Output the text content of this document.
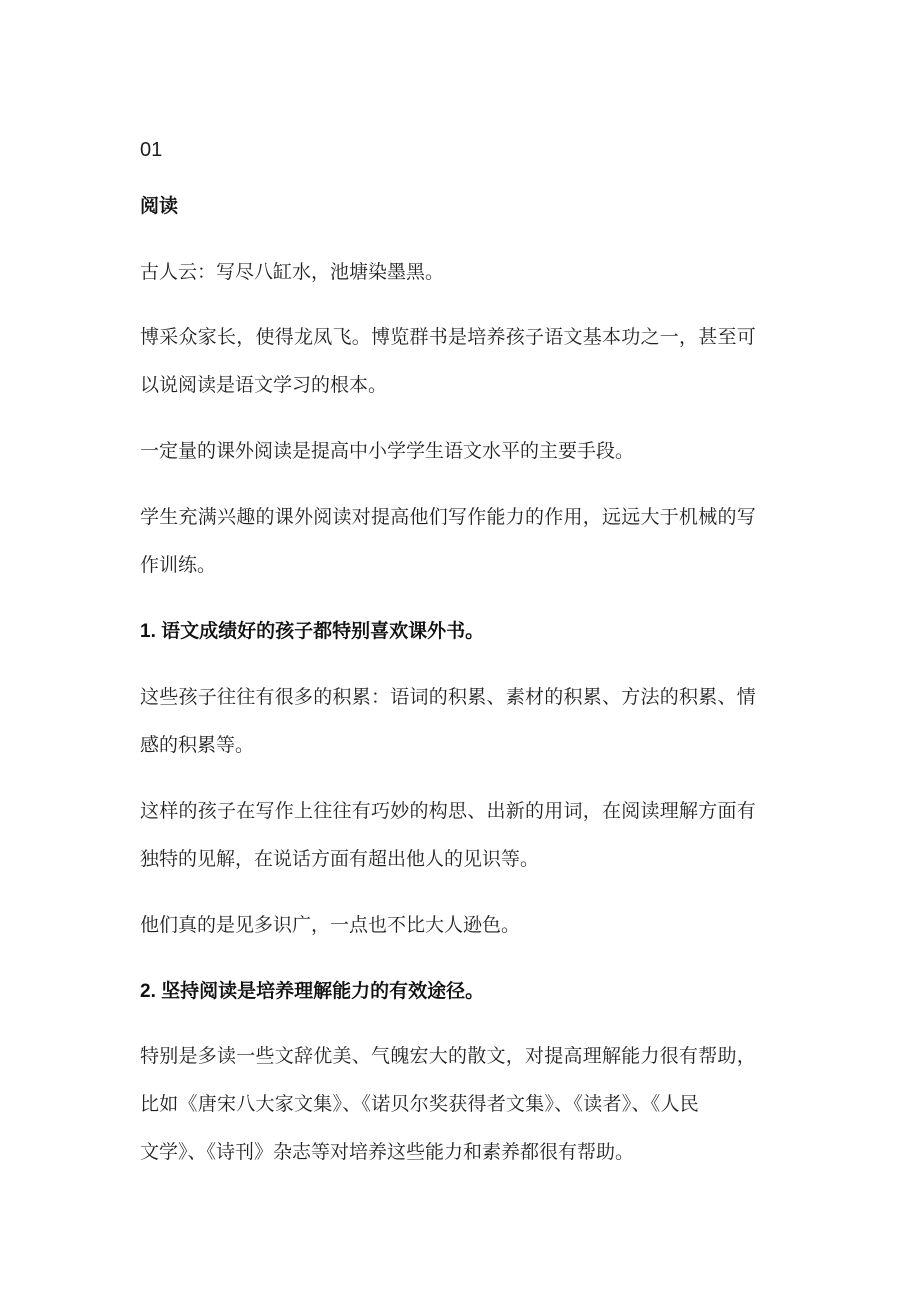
01

阅读

古人云：写尽八缸水，池塘染墨黑。

博采众家长，使得龙凤飞。博览群书是培养孩子语文基本功之一，甚至可

以说阅读是语文学习的根本。

一定量的课外阅读是提高中小学学生语文水平的主要手段。

学生充满兴趣的课外阅读对提高他们写作能力的作用，远远大于机械的写

作训练。

1. 语文成绩好的孩子都特别喜欢课外书。

这些孩子往往有很多的积累：语词的积累、素材的积累、方法的积累、情

感的积累等。

这样的孩子在写作上往往有巧妙的构思、出新的用词，在阅读理解方面有

独特的见解，在说话方面有超出他人的见识等。

他们真的是见多识广，一点也不比大人逊色。

2. 坚持阅读是培养理解能力的有效途径。

特别是多读一些文辞优美、气魄宏大的散文，对提高理解能力很有帮助，

比如《唐宋八大家文集》、《诺贝尔奖获得者文集》、《读者》、《人民

文学》、《诗刊》杂志等对培养这些能力和素养都很有帮助。
